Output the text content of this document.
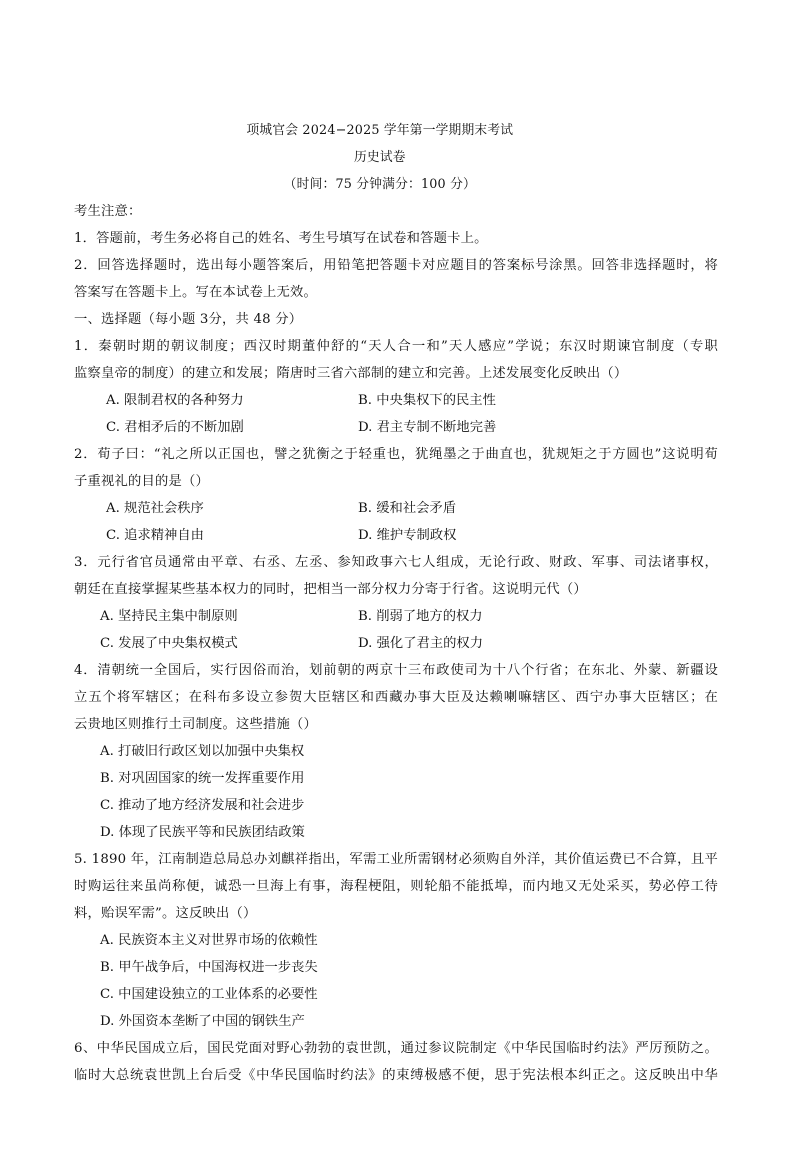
项城官会 2024−2025 学年第一学期期末考试
历史试卷
（时间：75 分钟满分：100 分）
考生注意：
1．答题前，考生务必将自己的姓名、考生号填写在试卷和答题卡上。
2．回答选择题时，选出每小题答案后，用铅笔把答题卡对应题目的答案标号涂黑。回答非选择题时，将
答案写在答题卡上。写在本试卷上无效。
一、选择题（每小题 3分，共 48 分）
1．秦朝时期的朝议制度；西汉时期董仲舒的“天人合一和”天人感应”学说；东汉时期谏官制度（专职
监察皇帝的制度）的建立和发展；隋唐时三省六部制的建立和完善。上述发展变化反映出（）
A. 限制君权的各种努力	B. 中央集权下的民主性
C. 君相矛后的不断加剧	D. 君主专制不断地完善
2．荀子曰：“礼之所以正国也，譬之犹衡之于轻重也，犹绳墨之于曲直也，犹规矩之于方圆也”这说明荀
子重视礼的目的是（）
A. 规范社会秩序	B. 缓和社会矛盾
C. 追求精神自由	D. 维护专制政权
3．元行省官员通常由平章、右丞、左丞、参知政事六七人组成，无论行政、财政、军事、司法诸事权，
朝廷在直接掌握某些基本权力的同时，把相当一部分权力分寄于行省。这说明元代（）
A. 坚持民主集中制原则	B. 削弱了地方的权力
C. 发展了中央集权模式	D. 强化了君主的权力
4．清朝统一全国后，实行因俗而治，划前朝的两京十三布政使司为十八个行省；在东北、外蒙、新疆设
立五个将军辖区；在科布多设立参贺大臣辖区和西藏办事大臣及达赖喇嘛辖区、西宁办事大臣辖区；在
云贵地区则推行土司制度。这些措施（）
A. 打破旧行政区划以加强中央集权
B. 对巩固国家的统一发挥重要作用
C. 推动了地方经济发展和社会进步
D. 体现了民族平等和民族团结政策
5. 1890 年，江南制造总局总办刘麒祥指出，军需工业所需钢材必须购自外洋，其价值运费已不合算，且平
时购运往来虽尚称便，诚恐一旦海上有事，海程梗阻，则轮船不能抵埠，而内地又无处采买，势必停工待
料，贻误军需”。这反映出（）
A. 民族资本主义对世界市场的依赖性
B. 甲午战争后，中国海权进一步丧失
C. 中国建设独立的工业体系的必要性
D. 外国资本垄断了中国的钢铁生产
6、中华民国成立后，国民党面对野心勃勃的袁世凯，通过参议院制定《中华民国临时约法》严厉预防之。
临时大总统袁世凯上台后受《中华民国临时约法》的束缚极感不便，思于宪法根本纠正之。这反映出中华
